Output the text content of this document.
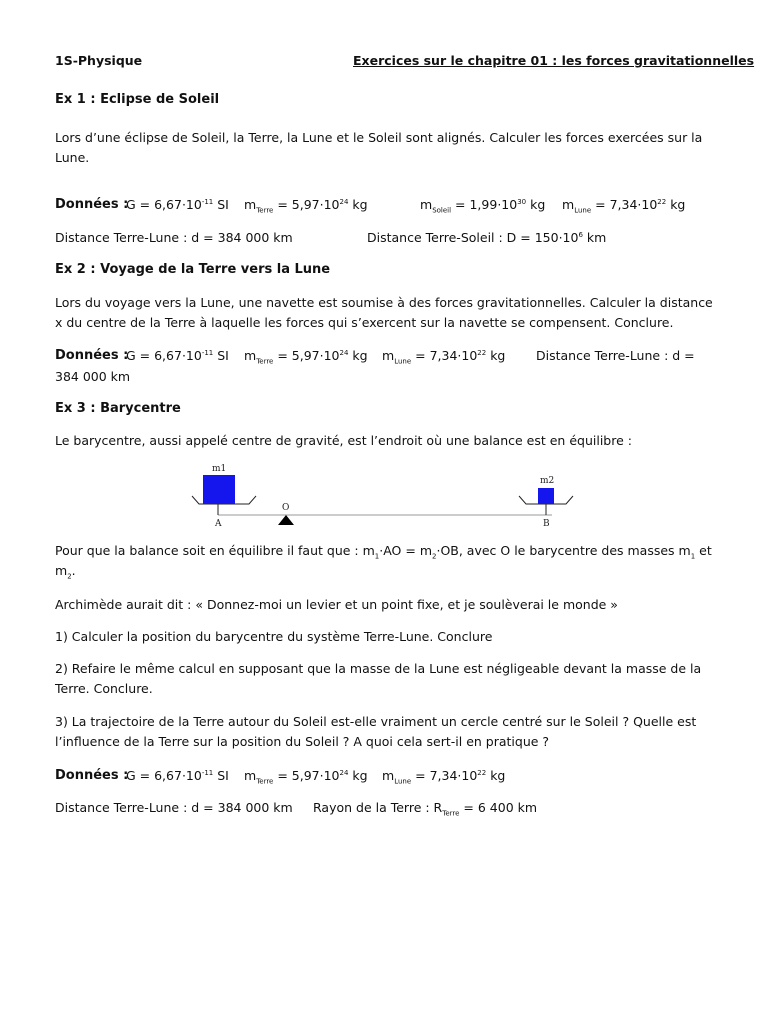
1S-Physique	Exercices sur le chapitre 01 : les forces gravitationnelles
Ex 1 : Eclipse de Soleil
Lors d’une éclipse de Soleil, la Terre, la Lune et le Soleil sont alignés. Calculer les forces exercées sur la Lune.
Données :
$G = 6,67\cdot 10^{-11}$ SI $m_{Terre} = 5,97\cdot 10^{24}$ kg	$m_{Soleil} = 1,99\cdot 10^{30}$ kg $m_{Lune} = 7,34\cdot 10^{22}$ kg
Distance Terre-Lune : d = 384 000 km	Distance Terre-Soleil : $D = 150\cdot 10^6$ km
Ex 2 : Voyage de la Terre vers la Lune
Lors du voyage vers la Lune, une navette est soumise à des forces gravitationnelles. Calculer la distance x du centre de la Terre à laquelle les forces qui s’exercent sur la navette se compensent. Conclure.
Données :
$G = 6,67\cdot 10^{-11}$ SI $m_{Terre} = 5,97\cdot 10^{24}$ kg $m_{Lune} = 7,34\cdot 10^{22}$ kg Distance Terre-Lune : d =
384 000 km
Ex 3 : Barycentre
Le barycentre, aussi appelé centre de gravité, est l’endroit où une balance est en équilibre :
m1
A
O
m2
B
Pour que la balance soit en équilibre il faut que : $m_1\cdot AO = m_2\cdot OB$, avec O le barycentre des masses $m_1$ et $m_2$.
Archimède aurait dit : « Donnez-moi un levier et un point fixe, et je soulèverai le monde »
1) Calculer la position du barycentre du système Terre-Lune. Conclure
2) Refaire le même calcul en supposant que la masse de la Lune est négligeable devant la masse de la Terre. Conclure.
3) La trajectoire de la Terre autour du Soleil est-elle vraiment un cercle centré sur le Soleil ? Quelle est l’influence de la Terre sur la position du Soleil ? A quoi cela sert-il en pratique ?
Données :
$G = 6,67\cdot 10^{-11}$ SI $m_{Terre} = 5,97\cdot 10^{24}$ kg $m_{Lune} = 7,34\cdot 10^{22}$ kg
Distance Terre-Lune : d = 384 000 km Rayon de la Terre : $R_{Terre} = 6$ 400 km
